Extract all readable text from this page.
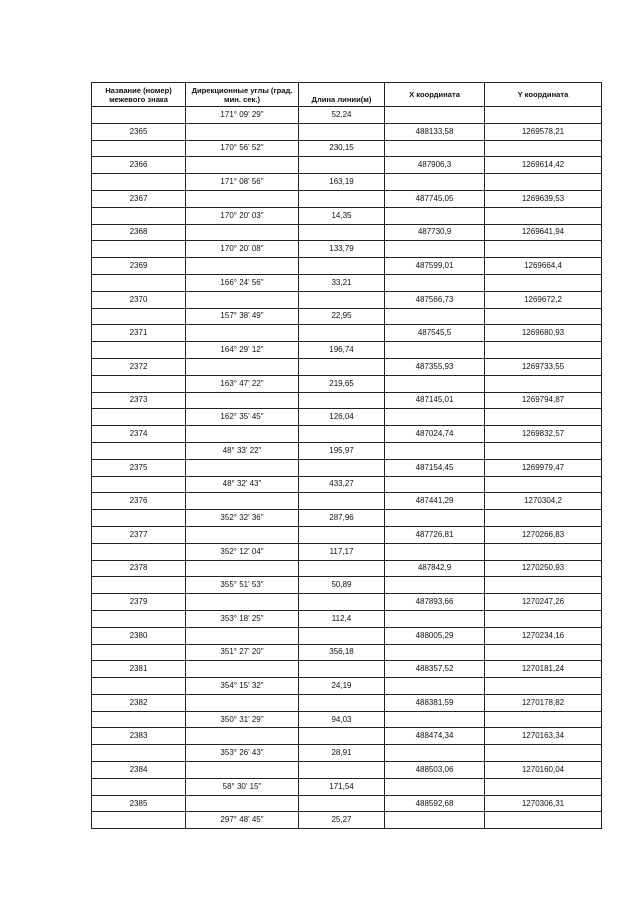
Название (номер) межевого знака	Дирекционные углы (град. мин. сек.)	Длина линии(м)	X координата	Y координата
	171° 09' 29"	52,24		
2365			488133,58	1269578,21
	170° 56' 52"	230,15		
2366			487906,3	1269614,42
	171° 08' 56"	163,19		
2367			487745,05	1269639,53
	170° 20' 03"	14,35		
2368			487730,9	1269641,94
	170° 20' 08"	133,79		
2369			487599,01	1269664,4
	166° 24' 56"	33,21		
2370			487566,73	1269672,2
	157° 38' 49"	22,95		
2371			487545,5	1269680,93
	164° 29' 12"	196,74		
2372			487355,93	1269733,55
	163° 47' 22"	219,65		
2373			487145,01	1269794,87
	162° 35' 45"	126,04		
2374			487024,74	1269832,57
	48° 33' 22"	195,97		
2375			487154,45	1269979,47
	48° 32' 43"	433,27		
2376			487441,29	1270304,2
	352° 32' 36"	287,96		
2377			487726,81	1270266,83
	352° 12' 04"	117,17		
2378			487842,9	1270250,93
	355° 51' 53"	50,89		
2379			487893,66	1270247,26
	353° 18' 25"	112,4		
2380			488005,29	1270234,16
	351° 27' 20"	356,18		
2381			488357,52	1270181,24
	354° 15' 32"	24,19		
2382			488381,59	1270178,82
	350° 31' 29"	94,03		
2383			488474,34	1270163,34
	353° 26' 43"	28,91		
2384			488503,06	1270160,04
	58° 30' 15"	171,54		
2385			488592,68	1270306,31
	297° 48' 45"	25,27		
